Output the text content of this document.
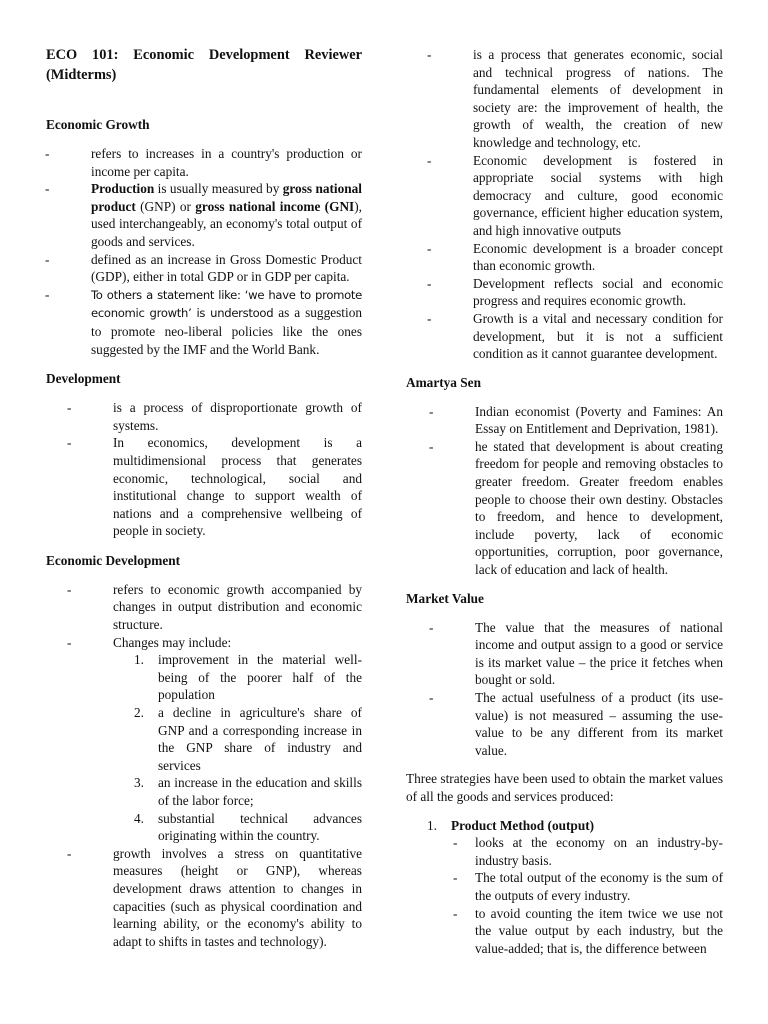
ECO 101: Economic Development Reviewer (Midterms)

Economic Growth
- refers to increases in a country's production or income per capita.
- Production is usually measured by gross national product (GNP) or gross national income (GNI), used interchangeably, an economy's total output of goods and services.
- defined as an increase in Gross Domestic Product (GDP), either in total GDP or in GDP per capita.
- To others a statement like: ‘we have to promote economic growth’ is understood as a suggestion to promote neo-liberal policies like the ones suggested by the IMF and the World Bank.
Development
- is a process of disproportionate growth of systems.
- In economics, development is a multidimensional process that generates economic, technological, social and institutional change to support wealth of nations and a comprehensive wellbeing of people in society.
Economic Development
- refers to economic growth accompanied by changes in output distribution and economic structure.
- Changes may include:
1. improvement in the material well-being of the poorer half of the population
2. a decline in agriculture's share of GNP and a corresponding increase in the GNP share of industry and services
3. an increase in the education and skills of the labor force;
4. substantial technical advances originating within the country.
- growth involves a stress on quantitative measures (height or GNP), whereas development draws attention to changes in capacities (such as physical coordination and learning ability, or the economy's ability to adapt to shifts in tastes and technology).
- is a process that generates economic, social and technical progress of nations. The fundamental elements of development in society are: the improvement of health, the growth of wealth, the creation of new knowledge and technology, etc.
- Economic development is fostered in appropriate social systems with high democracy and culture, good economic governance, efficient higher education system, and high innovative outputs
- Economic development is a broader concept than economic growth.
- Development reflects social and economic progress and requires economic growth.
- Growth is a vital and necessary condition for development, but it is not a sufficient condition as it cannot guarantee development.
Amartya Sen
- Indian economist (Poverty and Famines: An Essay on Entitlement and Deprivation, 1981).
- he stated that development is about creating freedom for people and removing obstacles to greater freedom. Greater freedom enables people to choose their own destiny. Obstacles to freedom, and hence to development, include poverty, lack of economic opportunities, corruption, poor governance, lack of education and lack of health.
Market Value
- The value that the measures of national income and output assign to a good or service is its market value – the price it fetches when bought or sold.
- The actual usefulness of a product (its use-value) is not measured – assuming the use-value to be any different from its market value.

Three strategies have been used to obtain the market values of all the goods and services produced:

1. Product Method (output)
- looks at the economy on an industry-by-industry basis.
- The total output of the economy is the sum of the outputs of every industry.
- to avoid counting the item twice we use not the value output by each industry, but the value-added; that is, the difference between
